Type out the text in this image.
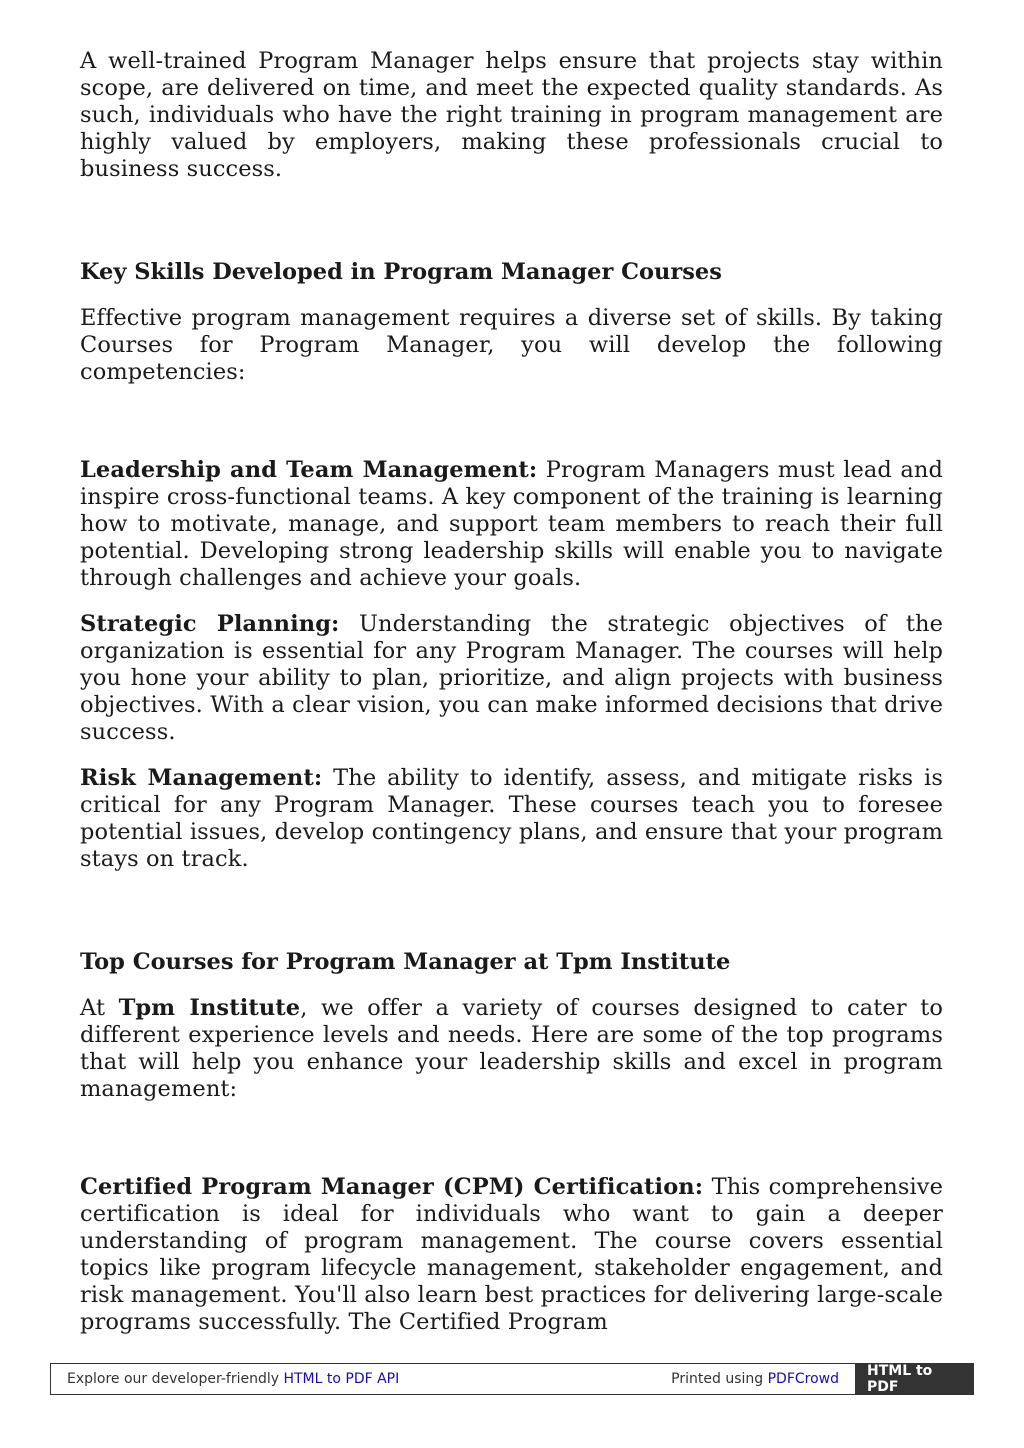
A well-trained Program Manager helps ensure that projects stay within scope, are delivered on time, and meet the expected quality standards. As such, individuals who have the right training in program management are highly valued by employers, making these professionals crucial to business success.

Key Skills Developed in Program Manager Courses

Effective program management requires a diverse set of skills. By taking Courses for Program Manager, you will develop the following competencies:

Leadership and Team Management: Program Managers must lead and inspire cross-functional teams. A key component of the training is learning how to motivate, manage, and support team members to reach their full potential. Developing strong leadership skills will enable you to navigate through challenges and achieve your goals.

Strategic Planning: Understanding the strategic objectives of the organization is essential for any Program Manager. The courses will help you hone your ability to plan, prioritize, and align projects with business objectives. With a clear vision, you can make informed decisions that drive success.

Risk Management: The ability to identify, assess, and mitigate risks is critical for any Program Manager. These courses teach you to foresee potential issues, develop contingency plans, and ensure that your program stays on track.

Top Courses for Program Manager at Tpm Institute

At Tpm Institute, we offer a variety of courses designed to cater to different experience levels and needs. Here are some of the top programs that will help you enhance your leadership skills and excel in program management:

Certified Program Manager (CPM) Certification: This comprehensive certification is ideal for individuals who want to gain a deeper understanding of program management. The course covers essential topics like program lifecycle management, stakeholder engagement, and risk management. You'll also learn best practices for delivering large-scale programs successfully. The Certified Program

Explore our developer-friendly HTML to PDF API	Printed using PDFCrowd	HTML to PDF
